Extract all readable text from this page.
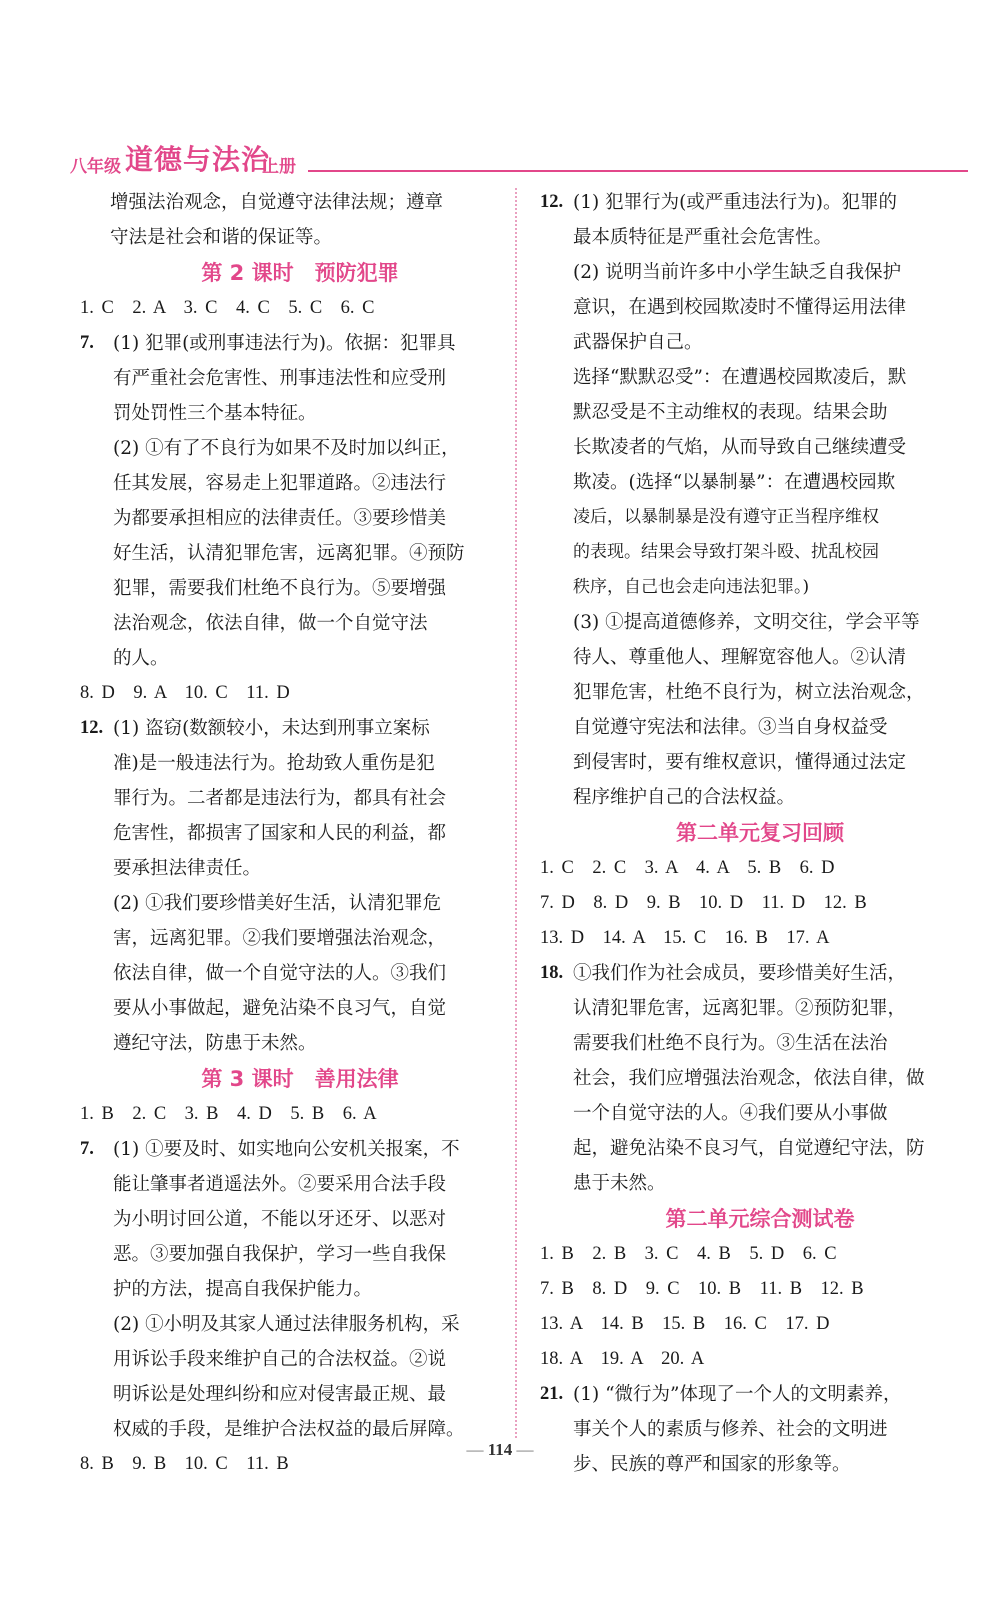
八年级 道德与法治
上册

增强法治观念，自觉遵守法律法规；遵章

守法是社会和谐的保证等。

第 2 课时　预防犯罪

1. C　2. A　3. C　4. C　5. C　6. C

7. (1) 犯罪(或刑事违法行为)。依据：犯罪具

有严重社会危害性、刑事违法性和应受刑

罚处罚性三个基本特征。

(2) ①有了不良行为如果不及时加以纠正，

任其发展，容易走上犯罪道路。②违法行

为都要承担相应的法律责任。③要珍惜美

好生活，认清犯罪危害，远离犯罪。④预防

犯罪，需要我们杜绝不良行为。⑤要增强

法治观念，依法自律，做一个自觉守法

的人。

8. D　9. A　10. C　11. D

12. (1) 盗窃(数额较小，未达到刑事立案标

准)是一般违法行为。抢劫致人重伤是犯

罪行为。二者都是违法行为，都具有社会

危害性，都损害了国家和人民的利益，都

要承担法律责任。

(2) ①我们要珍惜美好生活，认清犯罪危

害，远离犯罪。②我们要增强法治观念，

依法自律，做一个自觉守法的人。③我们

要从小事做起，避免沾染不良习气，自觉

遵纪守法，防患于未然。

第 3 课时　善用法律

1. B　2. C　3. B　4. D　5. B　6. A

7. (1) ①要及时、如实地向公安机关报案，不

能让肇事者逍遥法外。②要采用合法手段

为小明讨回公道，不能以牙还牙、以恶对

恶。③要加强自我保护，学习一些自我保

护的方法，提高自我保护能力。

(2) ①小明及其家人通过法律服务机构，采

用诉讼手段来维护自己的合法权益。②说

明诉讼是处理纠纷和应对侵害最正规、最

权威的手段，是维护合法权益的最后屏障。

8. B　9. B　10. C　11. B

12. (1) 犯罪行为(或严重违法行为)。犯罪的

最本质特征是严重社会危害性。

(2) 说明当前许多中小学生缺乏自我保护

意识，在遇到校园欺凌时不懂得运用法律

武器保护自己。

选择“默默忍受”：在遭遇校园欺凌后，默

默忍受是不主动维权的表现。结果会助

长欺凌者的气焰，从而导致自己继续遭受

欺凌。(选择“以暴制暴”：在遭遇校园欺

凌后，以暴制暴是没有遵守正当程序维权

的表现。结果会导致打架斗殴、扰乱校园

秩序，自己也会走向违法犯罪。)

(3) ①提高道德修养，文明交往，学会平等

待人、尊重他人、理解宽容他人。②认清

犯罪危害，杜绝不良行为，树立法治观念，

自觉遵守宪法和法律。③当自身权益受

到侵害时，要有维权意识，懂得通过法定

程序维护自己的合法权益。

第二单元复习回顾

1. C　2. C　3. A　4. A　5. B　6. D

7. D　8. D　9. B　10. D　11. D　12. B

13. D　14. A　15. C　16. B　17. A

18. ①我们作为社会成员，要珍惜美好生活，

认清犯罪危害，远离犯罪。②预防犯罪，

需要我们杜绝不良行为。③生活在法治

社会，我们应增强法治观念，依法自律，做

一个自觉守法的人。④我们要从小事做

起，避免沾染不良习气，自觉遵纪守法，防

患于未然。

第二单元综合测试卷

1. B　2. B　3. C　4. B　5. D　6. C

7. B　8. D　9. C　10. B　11. B　12. B

13. A　14. B　15. B　16. C　17. D

18. A　19. A　20. A

21. (1) “微行为”体现了一个人的文明素养，

事关个人的素质与修养、社会的文明进

步、民族的尊严和国家的形象等。

— 114 —
